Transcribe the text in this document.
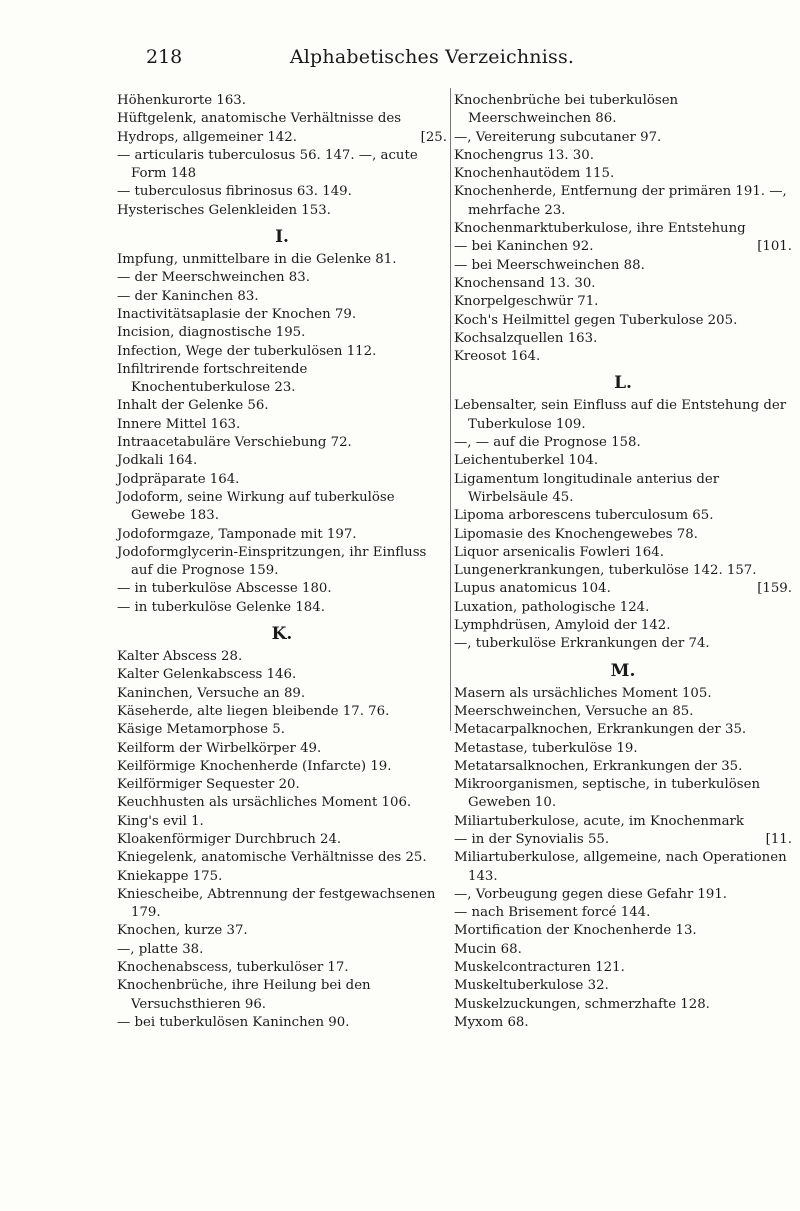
218	Alphabetisches Verzeichniss.

Höhenkurorte 163.

Hüftgelenk, anatomische Verhältnisse des

Hydrops, allgemeiner 142.	[25.

— articularis tuberculosus 56. 147. —, acute Form 148

— tuberculosus fibrinosus 63. 149.

Hysterisches Gelenkleiden 153.

I.

Impfung, unmittelbare in die Gelenke 81.

— der Meerschweinchen 83.

— der Kaninchen 83.

Inactivitätsaplasie der Knochen 79.

Incision, diagnostische 195.

Infection, Wege der tuberkulösen 112.

Infiltrirende fortschreitende Knochentuberkulose 23.

Inhalt der Gelenke 56.

Innere Mittel 163.

Intraacetabuläre Verschiebung 72.

Jodkali 164.

Jodpräparate 164.

Jodoform, seine Wirkung auf tuberkulöse Gewebe 183.

Jodoformgaze, Tamponade mit 197.

Jodoformglycerin-Einspritzungen, ihr Einfluss auf die Prognose 159.

— in tuberkulöse Abscesse 180.

— in tuberkulöse Gelenke 184.

K.

Kalter Abscess 28.

Kalter Gelenkabscess 146.

Kaninchen, Versuche an 89.

Käseherde, alte liegen bleibende 17. 76.

Käsige Metamorphose 5.

Keilform der Wirbelkörper 49.

Keilförmige Knochenherde (Infarcte) 19.

Keilförmiger Sequester 20.

Keuchhusten als ursächliches Moment 106.

King's evil 1.

Kloakenförmiger Durchbruch 24.

Kniegelenk, anatomische Verhältnisse des 25.

Kniekappe 175.

Kniescheibe, Abtrennung der festgewachsenen 179.

Knochen, kurze 37.

—, platte 38.

Knochenabscess, tuberkulöser 17.

Knochenbrüche, ihre Heilung bei den Versuchsthieren 96.

— bei tuberkulösen Kaninchen 90.

Knochenbrüche bei tuberkulösen Meerschweinchen 86.

—, Vereiterung subcutaner 97.

Knochengrus 13. 30.

Knochenhautödem 115.

Knochenherde, Entfernung der primären 191. —, mehrfache 23.

Knochenmarktuberkulose, ihre Entstehung

— bei Kaninchen 92.	[101.

— bei Meerschweinchen 88.

Knochensand 13. 30.

Knorpelgeschwür 71.

Koch's Heilmittel gegen Tuberkulose 205.

Kochsalzquellen 163.

Kreosot 164.

L.

Lebensalter, sein Einfluss auf die Entstehung der Tuberkulose 109.

—, — auf die Prognose 158.

Leichentuberkel 104.

Ligamentum longitudinale anterius der Wirbelsäule 45.

Lipoma arborescens tuberculosum 65.

Lipomasie des Knochengewebes 78.

Liquor arsenicalis Fowleri 164.

Lungenerkrankungen, tuberkulöse 142. 157.

Lupus anatomicus 104.	[159.

Luxation, pathologische 124.

Lymphdrüsen, Amyloid der 142.

—, tuberkulöse Erkrankungen der 74.

M.

Masern als ursächliches Moment 105.

Meerschweinchen, Versuche an 85.

Metacarpalknochen, Erkrankungen der 35.

Metastase, tuberkulöse 19.

Metatarsalknochen, Erkrankungen der 35.

Mikroorganismen, septische, in tuberkulösen Geweben 10.

Miliartuberkulose, acute, im Knochenmark

— in der Synovialis 55.	[11.

Miliartuberkulose, allgemeine, nach Operationen 143.

—, Vorbeugung gegen diese Gefahr 191.

— nach Brisement forcé 144.

Mortification der Knochenherde 13.

Mucin 68.

Muskelcontracturen 121.

Muskeltuberkulose 32.

Muskelzuckungen, schmerzhafte 128.

Myxom 68.
